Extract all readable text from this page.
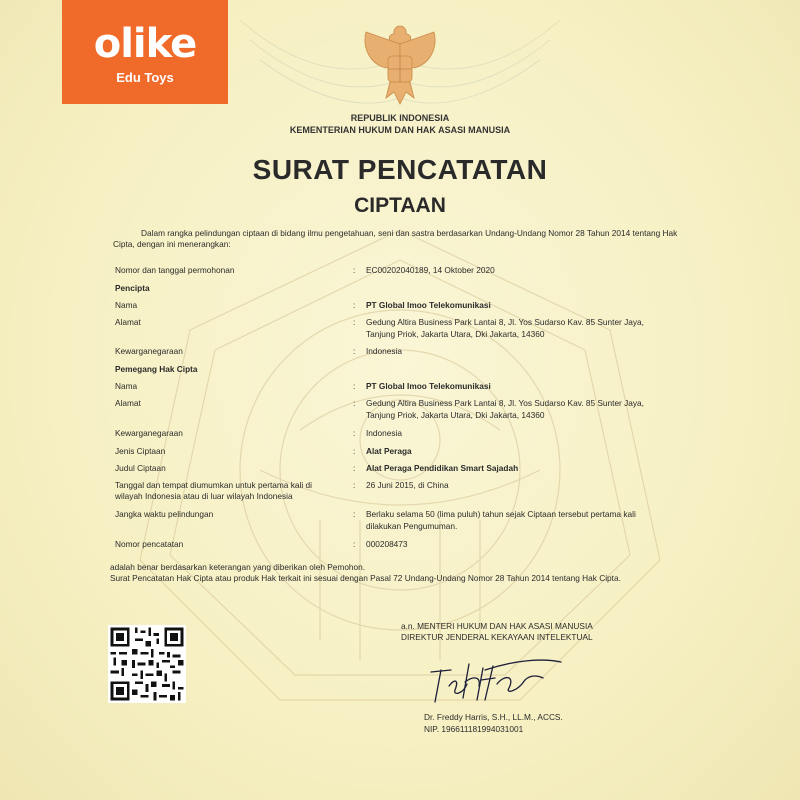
olike
Edu Toys
REPUBLIK INDONESIA
KEMENTERIAN HUKUM DAN HAK ASASI MANUSIA
SURAT PENCATATAN
CIPTAAN
Dalam rangka pelindungan ciptaan di bidang ilmu pengetahuan, seni dan sastra berdasarkan Undang-Undang Nomor 28 Tahun 2014 tentang Hak Cipta, dengan ini menerangkan:
Nomor dan tanggal permohonan	:	EC00202040189, 14 Oktober 2020
Pencipta
Nama	:	PT Global Imoo Telekomunikasi
Alamat	:	Gedung Altira Business Park Lantai 8, Jl. Yos Sudarso Kav. 85 Sunter Jaya,
Tanjung Priok, Jakarta Utara, Dki Jakarta, 14360
Kewarganegaraan	:	Indonesia
Pemegang Hak Cipta
Nama	:	PT Global Imoo Telekomunikasi
Alamat	:	Gedung Altira Business Park Lantai 8, Jl. Yos Sudarso Kav. 85 Sunter Jaya,
Tanjung Priok, Jakarta Utara, Dki Jakarta, 14360
Kewarganegaraan	:	Indonesia
Jenis Ciptaan	:	Alat Peraga
Judul Ciptaan	:	Alat Peraga Pendidikan Smart Sajadah
Tanggal dan tempat diumumkan untuk pertama kali di
wilayah Indonesia atau di luar wilayah Indonesia
:	26 Juni 2015, di China
Jangka waktu pelindungan	:	Berlaku selama 50 (lima puluh) tahun sejak Ciptaan tersebut pertama kali
dilakukan Pengumuman.
Nomor pencatatan	:	000208473
adalah benar berdasarkan keterangan yang diberikan oleh Pemohon.
Surat Pencatatan Hak Cipta atau produk Hak terkait ini sesuai dengan Pasal 72 Undang-Undang Nomor 28 Tahun 2014 tentang Hak Cipta.
a.n. MENTERI HUKUM DAN HAK ASASI MANUSIA
DIREKTUR JENDERAL KEKAYAAN INTELEKTUAL
Dr. Freddy Harris, S.H., LL.M., ACCS.
NIP. 196611181994031001
